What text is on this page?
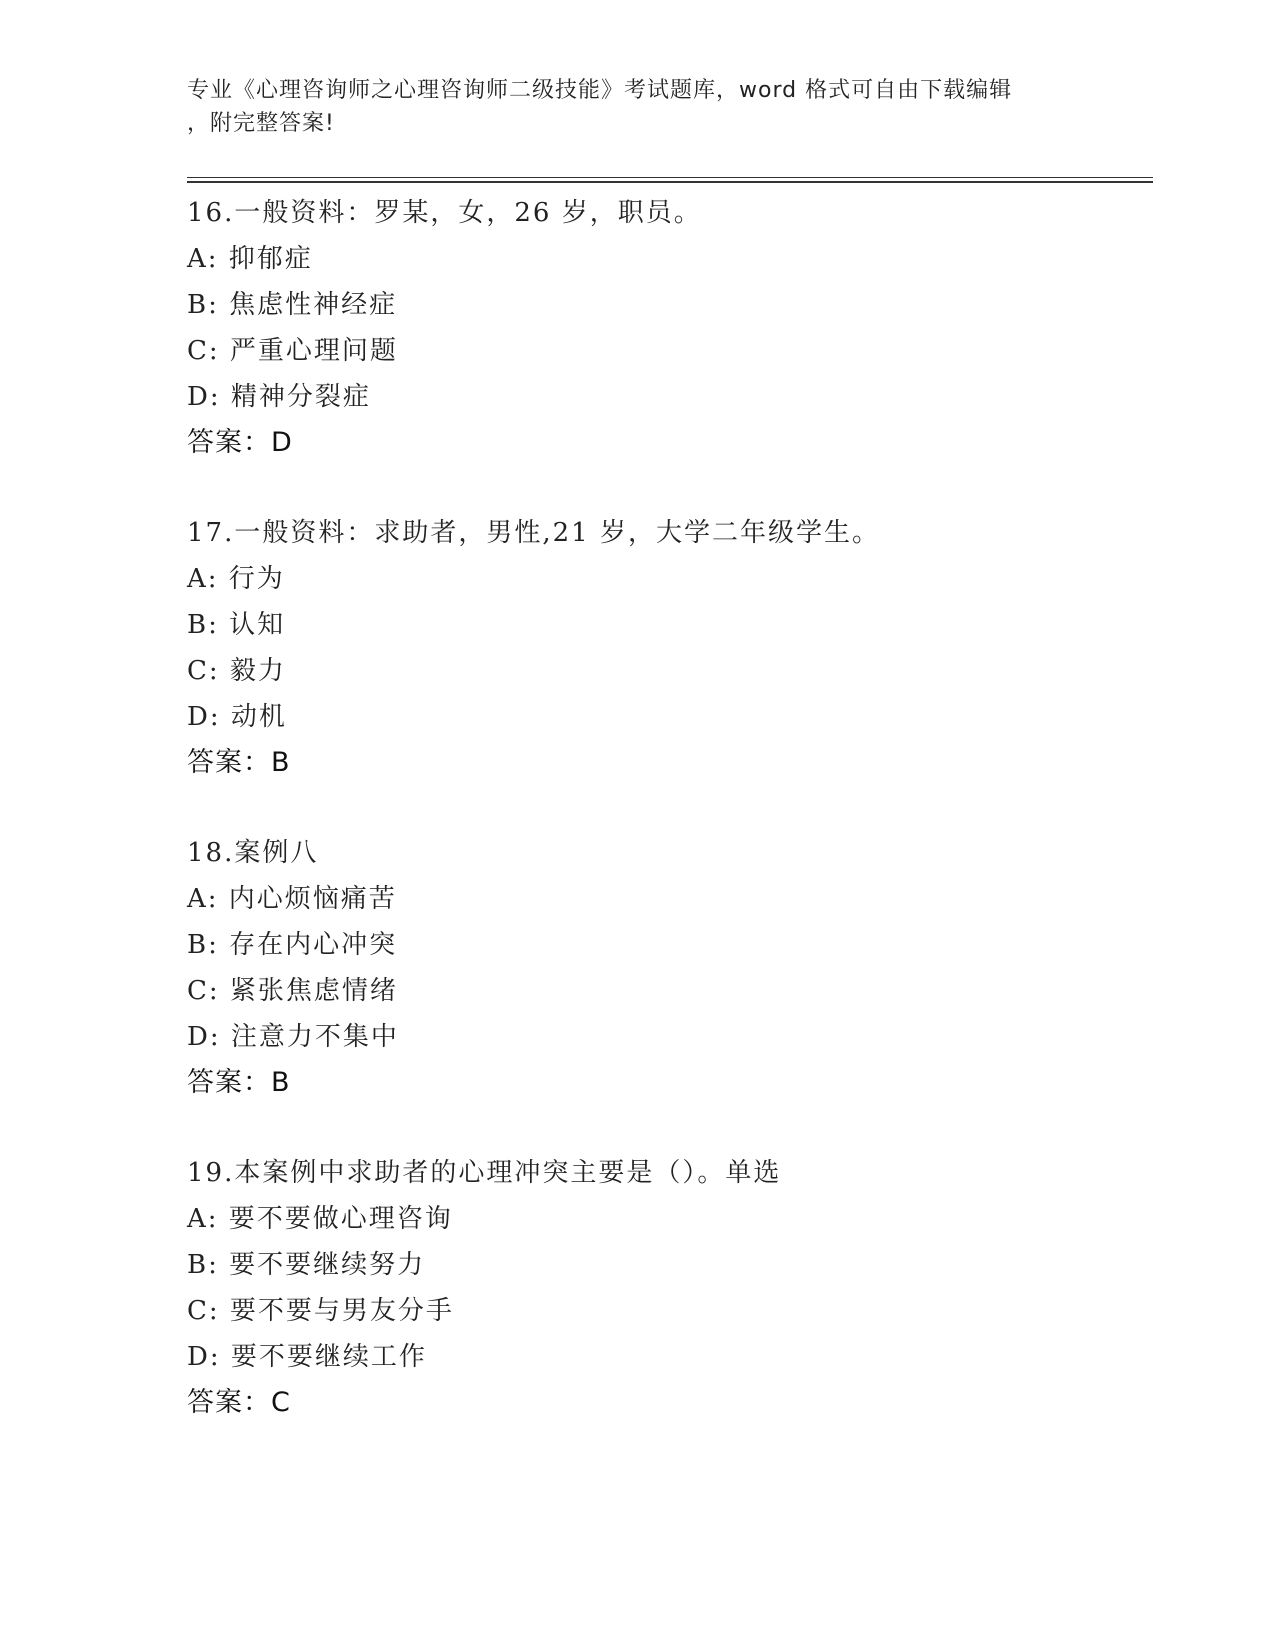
专业《心理咨询师之心理咨询师二级技能》考试题库，word 格式可自由下载编辑
，附完整答案!
16.一般资料：罗某，女，26 岁，职员。
A: 抑郁症
B: 焦虑性神经症
C: 严重心理问题
D: 精神分裂症
答案：D
17.一般资料：求助者，男性,21 岁，大学二年级学生。
A: 行为
B: 认知
C: 毅力
D: 动机
答案：B
18.案例八
A: 内心烦恼痛苦
B: 存在内心冲突
C: 紧张焦虑情绪
D: 注意力不集中
答案：B
19.本案例中求助者的心理冲突主要是（）。单选
A: 要不要做心理咨询
B: 要不要继续努力
C: 要不要与男友分手
D: 要不要继续工作
答案：C
